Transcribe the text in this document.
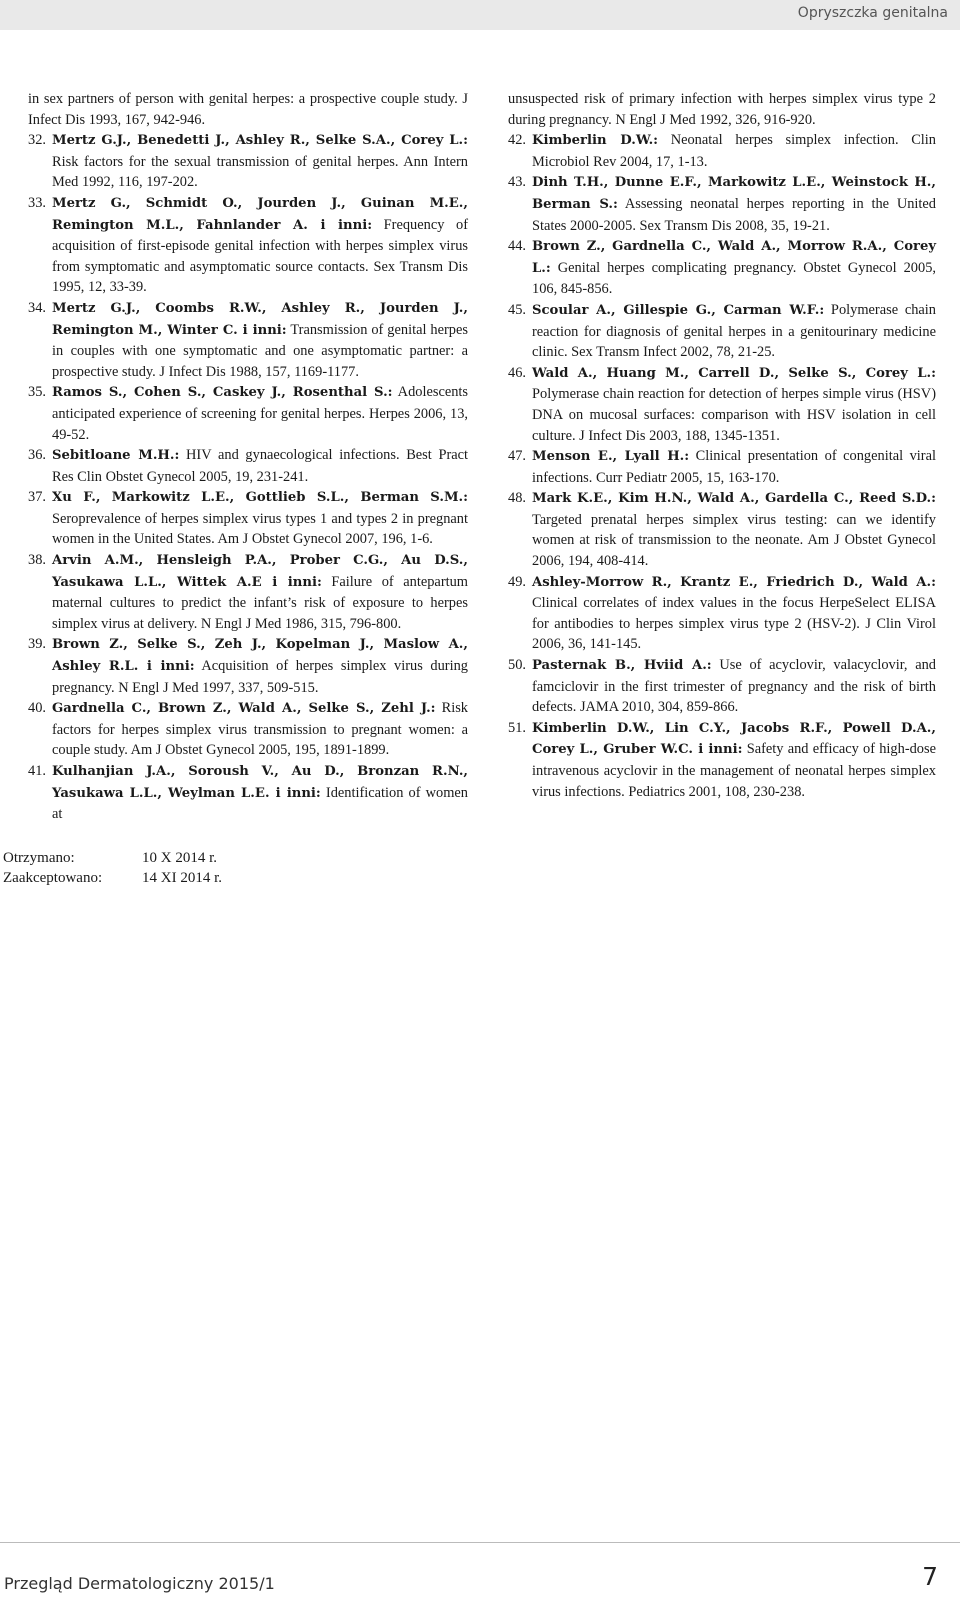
Opryszczka genitalna

in sex partners of person with genital herpes: a prospective couple study. J Infect Dis 1993, 167, 942-946.

32. Mertz G.J., Benedetti J., Ashley R., Selke S.A., Corey L.: Risk factors for the sexual transmission of genital herpes. Ann Intern Med 1992, 116, 197-202.

33. Mertz G., Schmidt O., Jourden J., Guinan M.E., Remington M.L., Fahnlander A. i inni: Frequency of acquisition of first-episode genital infection with herpes simplex virus from symptomatic and asymptomatic source contacts. Sex Transm Dis 1995, 12, 33-39.

34. Mertz G.J., Coombs R.W., Ashley R., Jourden J., Remington M., Winter C. i inni: Transmission of genital herpes in couples with one symptomatic and one asymptomatic partner: a prospective study. J Infect Dis 1988, 157, 1169-1177.

35. Ramos S., Cohen S., Caskey J., Rosenthal S.: Adolescents anticipated experience of screening for genital herpes. Herpes 2006, 13, 49-52.

36. Sebitloane M.H.: HIV and gynaecological infections. Best Pract Res Clin Obstet Gynecol 2005, 19, 231-241.

37. Xu F., Markowitz L.E., Gottlieb S.L., Berman S.M.: Seroprevalence of herpes simplex virus types 1 and types 2 in pregnant women in the United States. Am J Obstet Gynecol 2007, 196, 1-6.

38. Arvin A.M., Hensleigh P.A., Prober C.G., Au D.S., Yasukawa L.L., Wittek A.E i inni: Failure of antepartum maternal cultures to predict the infant’s risk of exposure to herpes simplex virus at delivery. N Engl J Med 1986, 315, 796-800.

39. Brown Z., Selke S., Zeh J., Kopelman J., Maslow A., Ashley R.L. i inni: Acquisition of herpes simplex virus during pregnancy. N Engl J Med 1997, 337, 509-515.

40. Gardnella C., Brown Z., Wald A., Selke S., Zehl J.: Risk factors for herpes simplex virus transmission to pregnant women: a couple study. Am J Obstet Gynecol 2005, 195, 1891-1899.

41. Kulhanjian J.A., Soroush V., Au D., Bronzan R.N., Yasukawa L.L., Weylman L.E. i inni: Identification of women at

unsuspected risk of primary infection with herpes simplex virus type 2 during pregnancy. N Engl J Med 1992, 326, 916-920.

42. Kimberlin D.W.: Neonatal herpes simplex infection. Clin Microbiol Rev 2004, 17, 1-13.

43. Dinh T.H., Dunne E.F., Markowitz L.E., Weinstock H., Berman S.: Assessing neonatal herpes reporting in the United States 2000-2005. Sex Transm Dis 2008, 35, 19-21.

44. Brown Z., Gardnella C., Wald A., Morrow R.A., Corey L.: Genital herpes complicating pregnancy. Obstet Gynecol 2005, 106, 845-856.

45. Scoular A., Gillespie G., Carman W.F.: Polymerase chain reaction for diagnosis of genital herpes in a genitourinary medicine clinic. Sex Transm Infect 2002, 78, 21-25.

46. Wald A., Huang M., Carrell D., Selke S., Corey L.: Polymerase chain reaction for detection of herpes simple virus (HSV) DNA on mucosal surfaces: comparison with HSV isolation in cell culture. J Infect Dis 2003, 188, 1345-1351.

47. Menson E., Lyall H.: Clinical presentation of congenital viral infections. Curr Pediatr 2005, 15, 163-170.

48. Mark K.E., Kim H.N., Wald A., Gardella C., Reed S.D.: Targeted prenatal herpes simplex virus testing: can we identify women at risk of transmission to the neonate. Am J Obstet Gynecol 2006, 194, 408-414.

49. Ashley-Morrow R., Krantz E., Friedrich D., Wald A.: Clinical correlates of index values in the focus HerpeSelect ELISA for antibodies to herpes simplex virus type 2 (HSV-2). J Clin Virol 2006, 36, 141-145.

50. Pasternak B., Hviid A.: Use of acyclovir, valacyclovir, and famciclovir in the first trimester of pregnancy and the risk of birth defects. JAMA 2010, 304, 859-866.

51. Kimberlin D.W., Lin C.Y., Jacobs R.F., Powell D.A., Corey L., Gruber W.C. i inni: Safety and efficacy of high-dose intravenous acyclovir in the management of neonatal herpes simplex virus infections. Pediatrics 2001, 108, 230-238.

Otrzymano:	10 X 2014 r.
Zaakceptowano:	14 XI 2014 r.
Przegląd Dermatologiczny 2015/1	7
